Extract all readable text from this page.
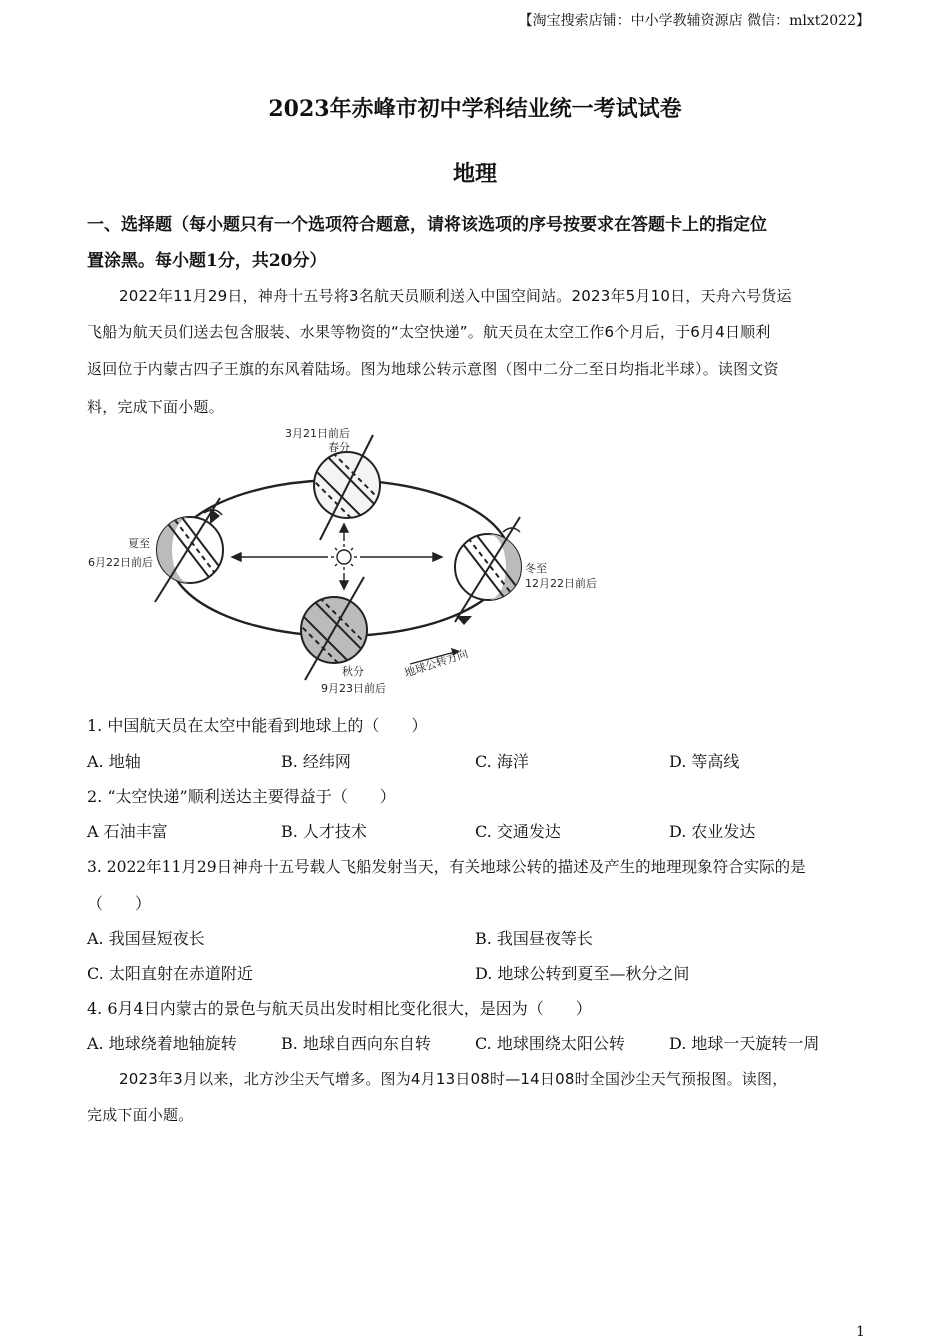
【淘宝搜索店铺：中小学教辅资源店 微信：mlxt2022】
2023年赤峰市初中学科结业统一考试试卷
地理
一、选择题（每小题只有一个选项符合题意，请将该选项的序号按要求在答题卡上的指定位
置涂黑。每小题1分，共20分）
2022年11月29日，神舟十五号将3名航天员顺利送入中国空间站。2023年5月10日，天舟六号货运
飞船为航天员们送去包含服装、水果等物资的“太空快递”。航天员在太空工作6个月后，于6月4日顺利
返回位于内蒙古四子王旗的东风着陆场。图为地球公转示意图（图中二分二至日均指北半球）。读图文资
料，完成下面小题。
3月21日前后
春分
夏至
6月22日前后	冬至
12月22日前后
秋分
9月23日前后
地球公转方向
1. 中国航天员在太空中能看到地球上的（　　）
A. 地轴	B. 经纬网	C. 海洋	D. 等高线
2. “太空快递”顺利送达主要得益于（　　）
A 石油丰富	B. 人才技术	C. 交通发达	D. 农业发达
3. 2022年11月29日神舟十五号载人飞船发射当天，有关地球公转的描述及产生的地理现象符合实际的是
（　　）
A. 我国昼短夜长	B. 我国昼夜等长
C. 太阳直射在赤道附近	D. 地球公转到夏至—秋分之间
4. 6月4日内蒙古的景色与航天员出发时相比变化很大，是因为（　　）
A. 地球绕着地轴旋转	B. 地球自西向东自转	C. 地球围绕太阳公转	D. 地球一天旋转一周
2023年3月以来，北方沙尘天气增多。图为4月13日08时—14日08时全国沙尘天气预报图。读图，
完成下面小题。
1
